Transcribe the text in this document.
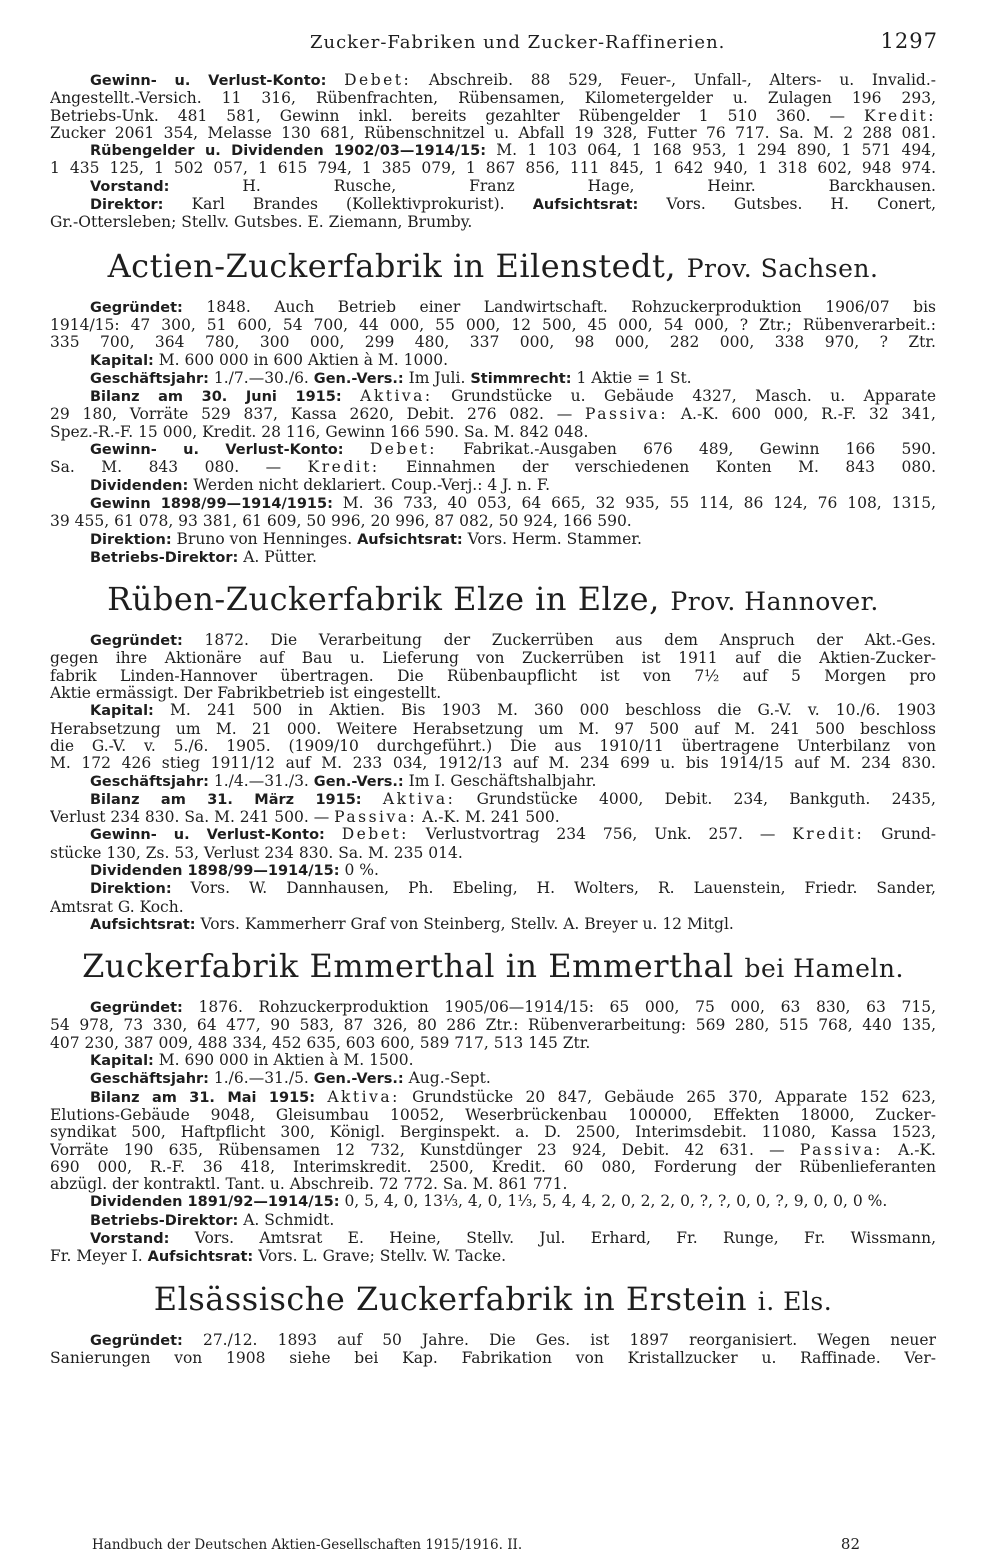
Zucker-Fabriken und Zucker-Raffinerien.	1297
Gewinn- u. Verlust-Konto: Debet: Abschreib. 88 529, Feuer-, Unfall-, Alters- u. Invalid.-
Angestellt.-Versich. 11 316, Rübenfrachten, Rübensamen, Kilometergelder u. Zulagen 196 293,
Betriebs-Unk. 481 581, Gewinn inkl. bereits gezahlter Rübengelder 1 510 360. — Kredit:
Zucker 2061 354, Melasse 130 681, Rübenschnitzel u. Abfall 19 328, Futter 76 717. Sa. M. 2 288 081.
Rübengelder u. Dividenden 1902/03—1914/15: M. 1 103 064, 1 168 953, 1 294 890, 1 571 494,
1 435 125, 1 502 057, 1 615 794, 1 385 079, 1 867 856, 111 845, 1 642 940, 1 318 602, 948 974.
Vorstand: H. Rusche, Franz Hage, Heinr. Barckhausen.
Direktor: Karl Brandes (Kollektivprokurist). Aufsichtsrat: Vors. Gutsbes. H. Conert,
Gr.-Ottersleben; Stellv. Gutsbes. E. Ziemann, Brumby.
Actien-Zuckerfabrik in Eilenstedt, Prov. Sachsen.
Gegründet: 1848. Auch Betrieb einer Landwirtschaft. Rohzuckerproduktion 1906/07 bis
1914/15: 47 300, 51 600, 54 700, 44 000, 55 000, 12 500, 45 000, 54 000, ? Ztr.; Rübenverarbeit.:
335 700, 364 780, 300 000, 299 480, 337 000, 98 000, 282 000, 338 970, ? Ztr.
Kapital: M. 600 000 in 600 Aktien à M. 1000.
Geschäftsjahr: 1./7.—30./6. Gen.-Vers.: Im Juli. Stimmrecht: 1 Aktie = 1 St.
Bilanz am 30. Juni 1915: Aktiva: Grundstücke u. Gebäude 4327, Masch. u. Apparate
29 180, Vorräte 529 837, Kassa 2620, Debit. 276 082. — Passiva: A.-K. 600 000, R.-F. 32 341,
Spez.-R.-F. 15 000, Kredit. 28 116, Gewinn 166 590. Sa. M. 842 048.
Gewinn- u. Verlust-Konto: Debet: Fabrikat.-Ausgaben 676 489, Gewinn 166 590.
Sa. M. 843 080. — Kredit: Einnahmen der verschiedenen Konten M. 843 080.
Dividenden: Werden nicht deklariert. Coup.-Verj.: 4 J. n. F.
Gewinn 1898/99—1914/1915: M. 36 733, 40 053, 64 665, 32 935, 55 114, 86 124, 76 108, 1315,
39 455, 61 078, 93 381, 61 609, 50 996, 20 996, 87 082, 50 924, 166 590.
Direktion: Bruno von Henninges. Aufsichtsrat: Vors. Herm. Stammer.
Betriebs-Direktor: A. Pütter.
Rüben-Zuckerfabrik Elze in Elze, Prov. Hannover.
Gegründet: 1872. Die Verarbeitung der Zuckerrüben aus dem Anspruch der Akt.-Ges.
gegen ihre Aktionäre auf Bau u. Lieferung von Zuckerrüben ist 1911 auf die Aktien-Zucker-
fabrik Linden-Hannover übertragen. Die Rübenbaupflicht ist von 7½ auf 5 Morgen pro
Aktie ermässigt. Der Fabrikbetrieb ist eingestellt.
Kapital: M. 241 500 in Aktien. Bis 1903 M. 360 000 beschloss die G.-V. v. 10./6. 1903
Herabsetzung um M. 21 000. Weitere Herabsetzung um M. 97 500 auf M. 241 500 beschloss
die G.-V. v. 5./6. 1905. (1909/10 durchgeführt.) Die aus 1910/11 übertragene Unterbilanz von
M. 172 426 stieg 1911/12 auf M. 233 034, 1912/13 auf M. 234 699 u. bis 1914/15 auf M. 234 830.
Geschäftsjahr: 1./4.—31./3. Gen.-Vers.: Im I. Geschäftshalbjahr.
Bilanz am 31. März 1915: Aktiva: Grundstücke 4000, Debit. 234, Bankguth. 2435,
Verlust 234 830. Sa. M. 241 500. — Passiva: A.-K. M. 241 500.
Gewinn- u. Verlust-Konto: Debet: Verlustvortrag 234 756, Unk. 257. — Kredit: Grund-
stücke 130, Zs. 53, Verlust 234 830. Sa. M. 235 014.
Dividenden 1898/99—1914/15: 0 %.
Direktion: Vors. W. Dannhausen, Ph. Ebeling, H. Wolters, R. Lauenstein, Friedr. Sander,
Amtsrat G. Koch.
Aufsichtsrat: Vors. Kammerherr Graf von Steinberg, Stellv. A. Breyer u. 12 Mitgl.
Zuckerfabrik Emmerthal in Emmerthal bei Hameln.
Gegründet: 1876. Rohzuckerproduktion 1905/06—1914/15: 65 000, 75 000, 63 830, 63 715,
54 978, 73 330, 64 477, 90 583, 87 326, 80 286 Ztr.: Rübenverarbeitung: 569 280, 515 768, 440 135,
407 230, 387 009, 488 334, 452 635, 603 600, 589 717, 513 145 Ztr.
Kapital: M. 690 000 in Aktien à M. 1500.
Geschäftsjahr: 1./6.—31./5. Gen.-Vers.: Aug.-Sept.
Bilanz am 31. Mai 1915: Aktiva: Grundstücke 20 847, Gebäude 265 370, Apparate 152 623,
Elutions-Gebäude 9048, Gleisumbau 10052, Weserbrückenbau 100000, Effekten 18000, Zucker-
syndikat 500, Haftpflicht 300, Königl. Berginspekt. a. D. 2500, Interimsdebit. 11080, Kassa 1523,
Vorräte 190 635, Rübensamen 12 732, Kunstdünger 23 924, Debit. 42 631. — Passiva: A.-K.
690 000, R.-F. 36 418, Interimskredit. 2500, Kredit. 60 080, Forderung der Rübenlieferanten
abzügl. der kontraktl. Tant. u. Abschreib. 72 772. Sa. M. 861 771.
Dividenden 1891/92—1914/15: 0, 5, 4, 0, 13⅓, 4, 0, 1⅓, 5, 4, 4, 2, 0, 2, 2, 0, ?, ?, 0, 0, ?, 9, 0, 0, 0 %.
Betriebs-Direktor: A. Schmidt.
Vorstand: Vors. Amtsrat E. Heine, Stellv. Jul. Erhard, Fr. Runge, Fr. Wissmann,
Fr. Meyer I. Aufsichtsrat: Vors. L. Grave; Stellv. W. Tacke.
Elsässische Zuckerfabrik in Erstein i. Els.
Gegründet: 27./12. 1893 auf 50 Jahre. Die Ges. ist 1897 reorganisiert. Wegen neuer
Sanierungen von 1908 siehe bei Kap. Fabrikation von Kristallzucker u. Raffinade. Ver-
Handbuch der Deutschen Aktien-Gesellschaften 1915/1916. II.	82
